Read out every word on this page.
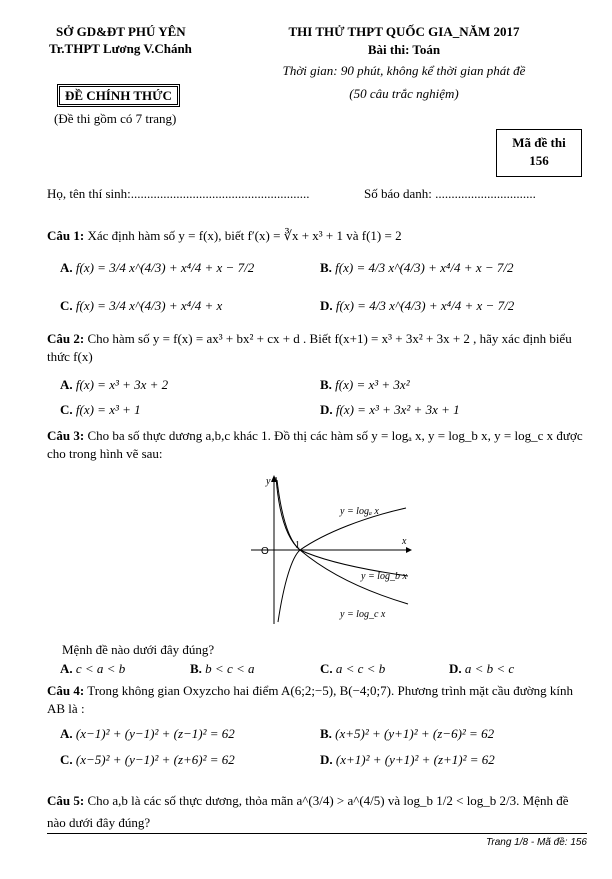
SỞ GD&ĐT PHÚ YÊN
Tr.THPT Lương V.Chánh
ĐỀ CHÍNH THỨC
(Đề thi gồm có 7 trang)
THI THỬ THPT QUỐC GIA_NĂM 2017
Bài thi: Toán
Thời gian: 90 phút, không kể thời gian phát đề
(50 câu trắc nghiệm)
Mã đề thi
156
Họ, tên thí sinh:.......................................................	Số báo danh: ...............................
Câu 1: Xác định hàm số y = f(x), biết f′(x) = ∛x + x³ + 1 và f(1) = 2
A. f(x) = 3/4 x^(4/3) + x⁴/4 + x − 7/2	B. f(x) = 4/3 x^(4/3) + x⁴/4 + x − 7/2
C. f(x) = 3/4 x^(4/3) + x⁴/4 + x	D. f(x) = 4/3 x^(4/3) + x⁴/4 + x − 7/2
Câu 2: Cho hàm số y = f(x) = ax³ + bx² + cx + d . Biết f(x+1) = x³ + 3x² + 3x + 2 , hãy xác định biểu thức f(x)
A. f(x) = x³ + 3x + 2	B. f(x) = x³ + 3x²
C. f(x) = x³ + 1	D. f(x) = x³ + 3x² + 3x + 1
Câu 3: Cho ba số thực dương a,b,c khác 1. Đồ thị các hàm số y = logₐ x, y = log_b x, y = log_c x được cho trong hình vẽ sau:
y
x
O
1
y = logₐ x
y = log_b x
y = log_c x
Mệnh đề nào dưới đây đúng?
A. c < a < b	B. b < c < a	C. a < c < b	D. a < b < c
Câu 4: Trong không gian Oxyzcho hai điểm A(6;2;−5), B(−4;0;7). Phương trình mặt cầu đường kính AB là :
A. (x−1)² + (y−1)² + (z−1)² = 62	B. (x+5)² + (y+1)² + (z−6)² = 62
C. (x−5)² + (y−1)² + (z+6)² = 62	D. (x+1)² + (y+1)² + (z+1)² = 62
Câu 5: Cho a,b là các số thực dương, thỏa mãn a^(3/4) > a^(4/5) và log_b 1/2 < log_b 2/3. Mệnh đề nào dưới đây đúng?
Trang 1/8 - Mã đề: 156
